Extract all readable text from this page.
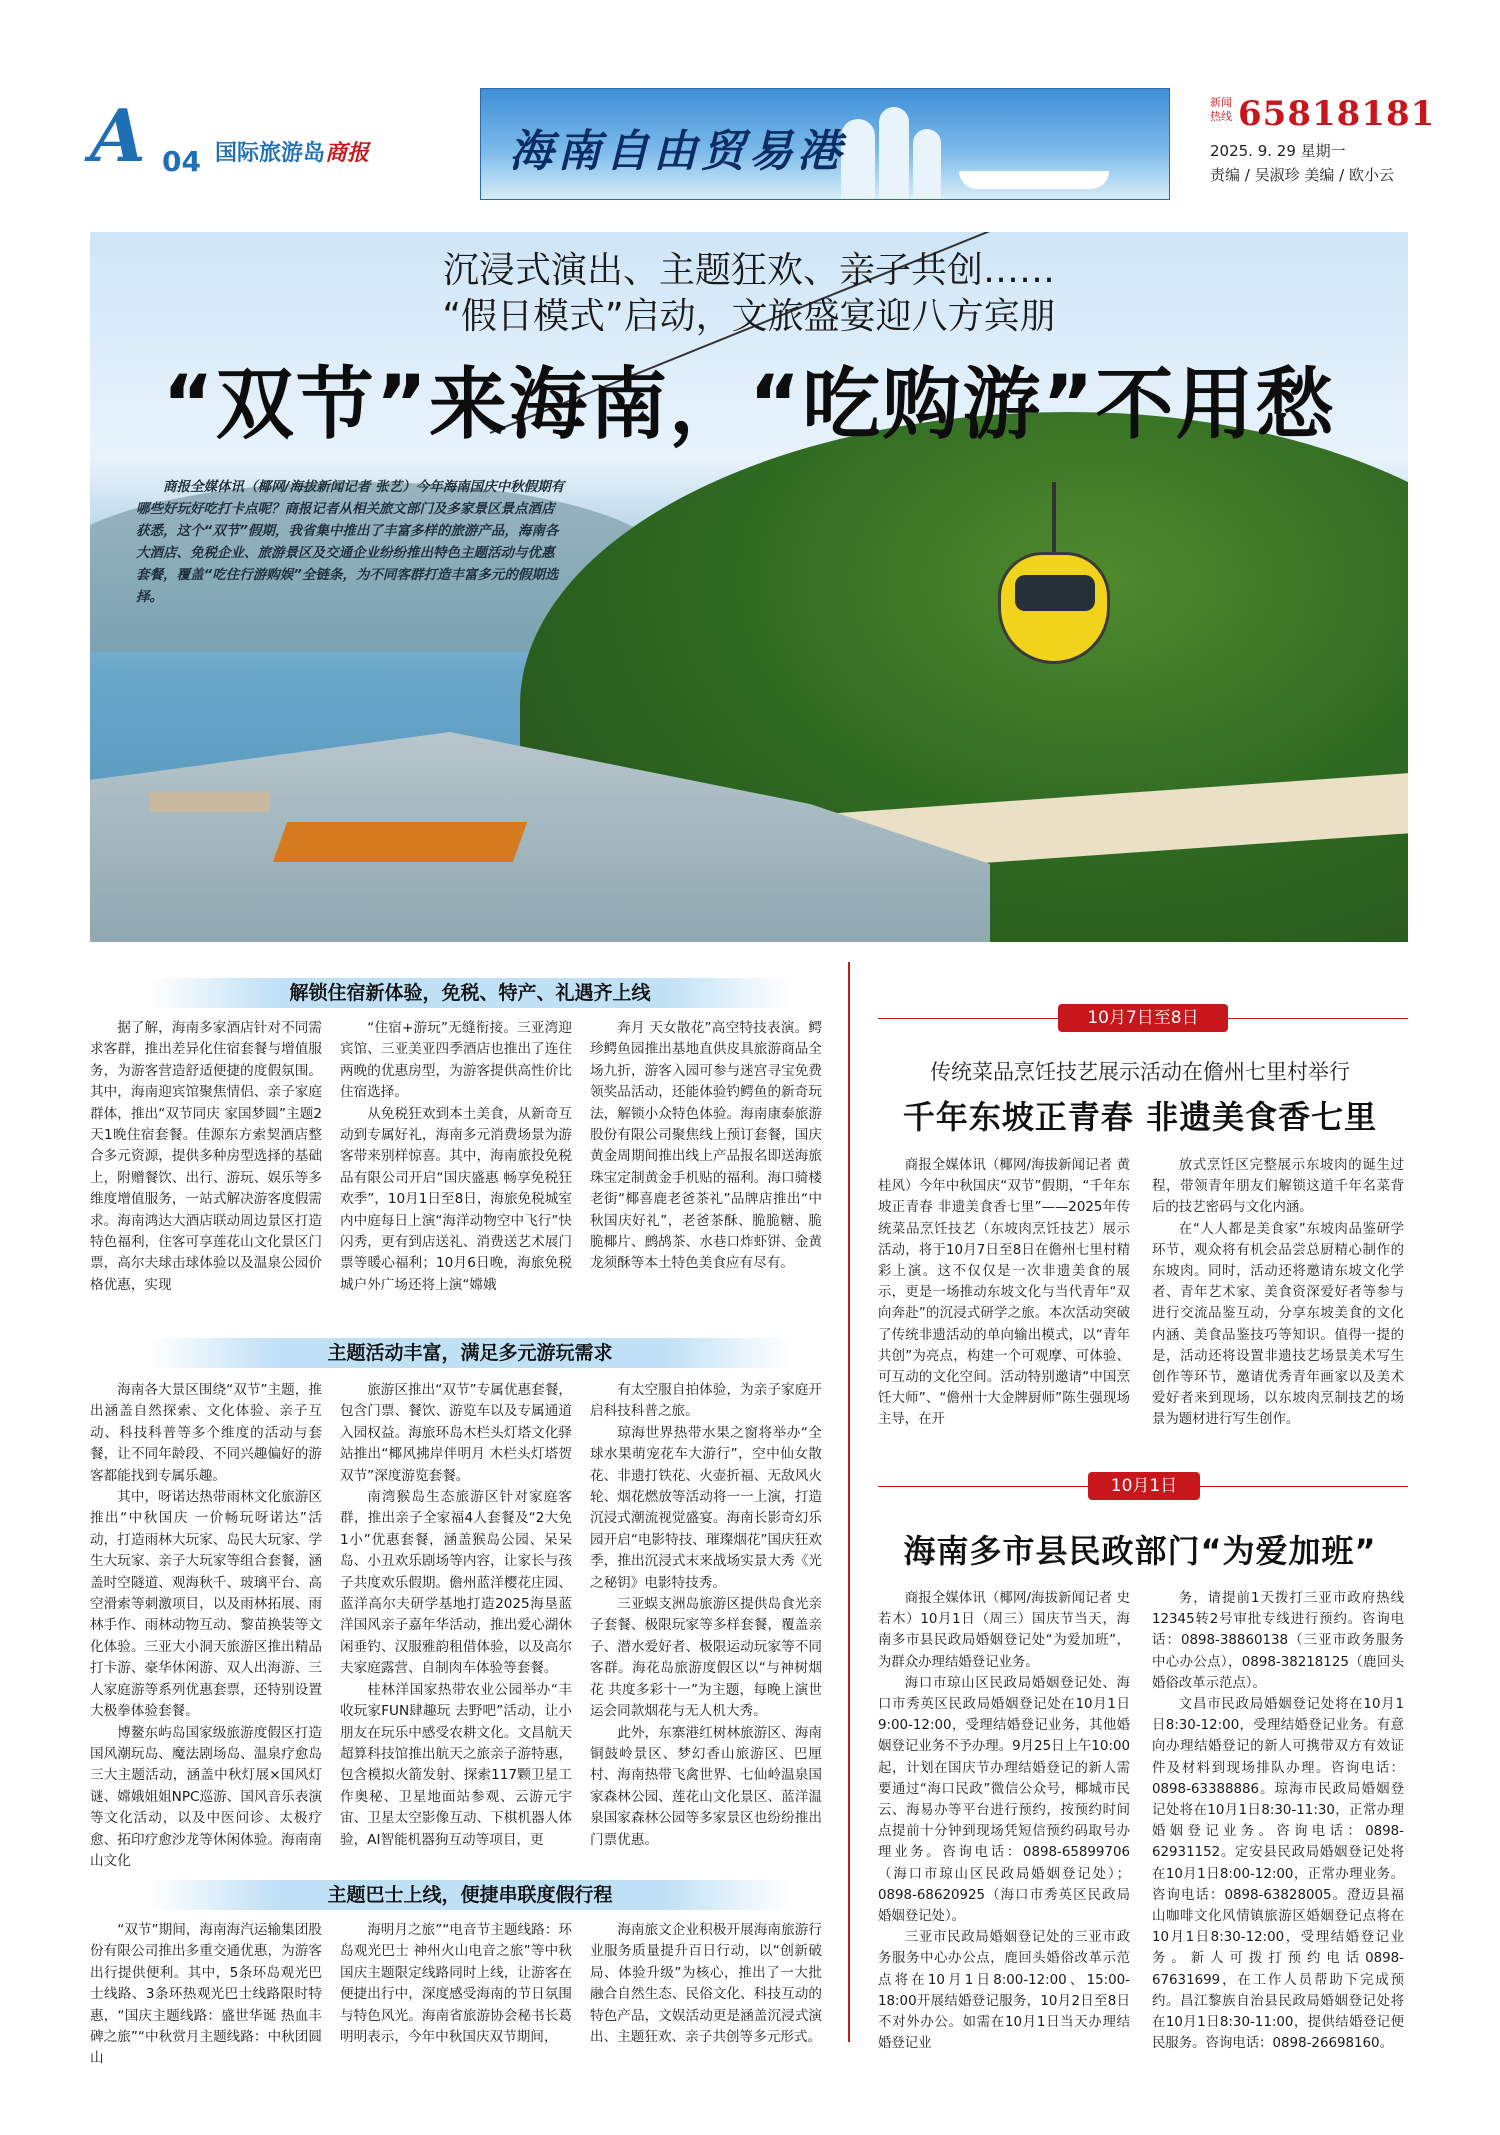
A 04 国际旅游岛商报	海南自由贸易港
新闻热线 65818181
2025. 9. 29 星期一
责编 / 吴淑珍 美编 / 欧小云
沉浸式演出、主题狂欢、亲子共创……
“假日模式”启动，文旅盛宴迎八方宾朋
“双节”来海南，“吃购游”不用愁
商报全媒体讯（椰网/海拔新闻记者 张艺）今年海南国庆中秋假期有哪些好玩好吃打卡点呢？商报记者从相关旅文部门及多家景区景点酒店获悉，这个“双节”假期，我省集中推出了丰富多样的旅游产品，海南各大酒店、免税企业、旅游景区及交通企业纷纷推出特色主题活动与优惠套餐，覆盖“吃住行游购娱”全链条，为不同客群打造丰富多元的假期选择。
解锁住宿新体验，免税、特产、礼遇齐上线

据了解，海南多家酒店针对不同需求客群，推出差异化住宿套餐与增值服务，为游客营造舒适便捷的度假氛围。其中，海南迎宾馆聚焦情侣、亲子家庭群体，推出“双节同庆 家国梦圆”主题2天1晚住宿套餐。佳源东方索契酒店整合多元资源，提供多种房型选择的基础上，附赠餐饮、出行、游玩、娱乐等多维度增值服务，一站式解决游客度假需求。海南鸿达大酒店联动周边景区打造特色福利，住客可享莲花山文化景区门票，高尔夫球击球体验以及温泉公园价格优惠，实现

“住宿+游玩”无缝衔接。三亚湾迎宾馆、三亚美亚四季酒店也推出了连住两晚的优惠房型，为游客提供高性价比住宿选择。

从免税狂欢到本土美食，从新奇互动到专属好礼，海南多元消费场景为游客带来别样惊喜。其中，海南旅投免税品有限公司开启“国庆盛惠 畅享免税狂欢季”，10月1日至8日，海旅免税城室内中庭每日上演“海洋动物空中飞行”快闪秀，更有到店送礼、消费送艺术展门票等暖心福利；10月6日晚，海旅免税城户外广场还将上演“嫦娥

奔月 天女散花”高空特技表演。鳄珍鳄鱼园推出基地直供皮具旅游商品全场九折，游客入园可参与迷宫寻宝免费领奖品活动，还能体验钓鳄鱼的新奇玩法，解锁小众特色体验。海南康泰旅游股份有限公司聚焦线上预订套餐，国庆黄金周期间推出线上产品报名即送海旅珠宝定制黄金手机贴的福利。海口骑楼老街“椰喜鹿老爸茶礼”品牌店推出“中秋国庆好礼”，老爸茶酥、脆脆糖、脆脆椰片、鹧鸪茶、水巷口炸虾饼、金黄龙须酥等本土特色美食应有尽有。

主题活动丰富，满足多元游玩需求

海南各大景区围绕“双节”主题，推出涵盖自然探索、文化体验、亲子互动、科技科普等多个维度的活动与套餐，让不同年龄段、不同兴趣偏好的游客都能找到专属乐趣。

其中，呀诺达热带雨林文化旅游区推出“中秋国庆 一价畅玩呀诺达”活动，打造雨林大玩家、岛民大玩家、学生大玩家、亲子大玩家等组合套餐，涵盖时空隧道、观海秋千、玻璃平台、高空滑索等刺激项目，以及雨林拓展、雨林手作、雨林动物互动、黎苗换装等文化体验。三亚大小洞天旅游区推出精品打卡游、豪华休闲游、双人出海游、三人家庭游等系列优惠套票，还特别设置大极拳体验套餐。

博鳌东屿岛国家级旅游度假区打造国风潮玩岛、魔法剧场岛、温泉疗愈岛三大主题活动，涵盖中秋灯展×国风灯谜、嫦娥姐姐NPC巡游、国风音乐表演等文化活动，以及中医问诊、太极疗愈、拓印疗愈沙龙等休闲体验。海南南山文化

旅游区推出“双节”专属优惠套餐，包含门票、餐饮、游览车以及专属通道入园权益。海旅环岛木栏头灯塔文化驿站推出“椰风拂岸伴明月 木栏头灯塔贺双节”深度游览套餐。

南湾猴岛生态旅游区针对家庭客群，推出亲子全家福4人套餐及“2大免1小”优惠套餐，涵盖猴岛公园、呆呆岛、小丑欢乐剧场等内容，让家长与孩子共度欢乐假期。儋州蓝洋樱花庄园、蓝洋高尔夫研学基地打造2025海垦蓝洋国风亲子嘉年华活动，推出爱心湖休闲垂钓、汉服雅韵租借体验，以及高尔夫家庭露营、自制肉车体验等套餐。

桂林洋国家热带农业公园举办“丰收玩家FUN肆趣玩 去野吧”活动，让小朋友在玩乐中感受农耕文化。文昌航天超算科技馆推出航天之旅亲子游特惠，包含模拟火箭发射、探索117颗卫星工作奥秘、卫星地面站参观、云游元宇宙、卫星太空影像互动、下棋机器人体验，AI智能机器狗互动等项目，更

有太空服自拍体验，为亲子家庭开启科技科普之旅。

琼海世界热带水果之窗将举办“全球水果萌宠花车大游行”，空中仙女散花、非遗打铁花、火壶折福、无敌风火轮、烟花燃放等活动将一一上演，打造沉浸式潮流视觉盛宴。海南长影奇幻乐园开启“电影特技、璀璨烟花”国庆狂欢季，推出沉浸式末来战场实景大秀《光之秘钥》电影特技秀。

三亚蜈支洲岛旅游区提供岛食光亲子套餐、极限玩家等多样套餐，覆盖亲子、潜水爱好者、极限运动玩家等不同客群。海花岛旅游度假区以“与神树烟花 共度多彩十一”为主题，每晚上演世运会同款烟花与无人机大秀。

此外，东寨港红树林旅游区、海南铜鼓岭景区、梦幻香山旅游区、巴厘村、海南热带飞禽世界、七仙岭温泉国家森林公园、莲花山文化景区、蓝洋温泉国家森林公园等多家景区也纷纷推出门票优惠。

主题巴士上线，便捷串联度假行程

“双节”期间，海南海汽运输集团股份有限公司推出多重交通优惠，为游客出行提供便利。其中，5条环岛观光巴士线路、3条环热观光巴士线路限时特惠，“国庆主题线路：盛世华诞 热血丰碑之旅”“中秋赏月主题线路：中秋团圆 山

海明月之旅”“电音节主题线路：环岛观光巴士 神州火山电音之旅”等中秋国庆主题限定线路同时上线，让游客在便捷出行中，深度感受海南的节日氛围与特色风光。海南省旅游协会秘书长葛明明表示，今年中秋国庆双节期间，

海南旅文企业积极开展海南旅游行业服务质量提升百日行动，以“创新破局、体验升级”为核心，推出了一大批融合自然生态、民俗文化、科技互动的特色产品，文娱活动更是涵盖沉浸式演出、主题狂欢、亲子共创等多元形式。

10月7日至8日
传统菜品烹饪技艺展示活动在儋州七里村举行
千年东坡正青春 非遗美食香七里

商报全媒体讯（椰网/海拔新闻记者 黄桂风）今年中秋国庆“双节”假期，“千年东坡正青春 非遗美食香七里”——2025年传统菜品烹饪技艺（东坡肉烹饪技艺）展示活动，将于10月7日至8日在儋州七里村精彩上演。这不仅仅是一次非遗美食的展示，更是一场推动东坡文化与当代青年“双向奔赴”的沉浸式研学之旅。本次活动突破了传统非遗活动的单向输出模式，以“青年共创”为亮点，构建一个可观摩、可体验、可互动的文化空间。活动特别邀请“中国烹饪大师”、“儋州十大金牌厨师”陈生强现场主导，在开

放式烹饪区完整展示东坡肉的诞生过程，带领青年朋友们解锁这道千年名菜背后的技艺密码与文化内涵。

在“人人都是美食家”东坡肉品鉴研学环节，观众将有机会品尝总厨精心制作的东坡肉。同时，活动还将邀请东坡文化学者、青年艺术家、美食资深爱好者等参与进行交流品鉴互动，分享东坡美食的文化内涵、美食品鉴技巧等知识。值得一提的是，活动还将设置非遗技艺场景美术写生创作等环节，邀请优秀青年画家以及美术爱好者来到现场，以东坡肉烹制技艺的场景为题材进行写生创作。

10月1日
海南多市县民政部门“为爱加班”

商报全媒体讯（椰网/海拔新闻记者 史若木）10月1日（周三）国庆节当天，海南多市县民政局婚姻登记处“为爱加班”，为群众办理结婚登记业务。

海口市琼山区民政局婚姻登记处、海口市秀英区民政局婚姻登记处在10月1日9:00-12:00，受理结婚登记业务，其他婚姻登记业务不予办理。9月25日上午10:00起，计划在国庆节办理结婚登记的新人需要通过“海口民政”微信公众号，椰城市民云、海易办等平台进行预约，按预约时间点提前十分钟到现场凭短信预约码取号办理业务。咨询电话：0898-65899706（海口市琼山区民政局婚姻登记处）；0898-68620925（海口市秀英区民政局婚姻登记处）。

三亚市民政局婚姻登记处的三亚市政务服务中心办公点，鹿回头婚俗改革示范点将在10月1日8:00-12:00、15:00-18:00开展结婚登记服务，10月2日至8日不对外办公。如需在10月1日当天办理结婚登记业

务，请提前1天拨打三亚市政府热线12345转2号审批专线进行预约。咨询电话：0898-38860138（三亚市政务服务中心办公点），0898-38218125（鹿回头婚俗改革示范点）。

文昌市民政局婚姻登记处将在10月1日8:30-12:00，受理结婚登记业务。有意向办理结婚登记的新人可携带双方有效证件及材料到现场排队办理。咨询电话：0898-63388886。琼海市民政局婚姻登记处将在10月1日8:30-11:30，正常办理婚姻登记业务。咨询电话：0898-62931152。定安县民政局婚姻登记处将在10月1日8:00-12:00，正常办理业务。咨询电话：0898-63828005。澄迈县福山咖啡文化风情镇旅游区婚姻登记点将在10月1日8:30-12:00，受理结婚登记业务。新人可拨打预约电话0898-67631699，在工作人员帮助下完成预约。昌江黎族自治县民政局婚姻登记处将在10月1日8:30-11:00，提供结婚登记便民服务。咨询电话：0898-26698160。
